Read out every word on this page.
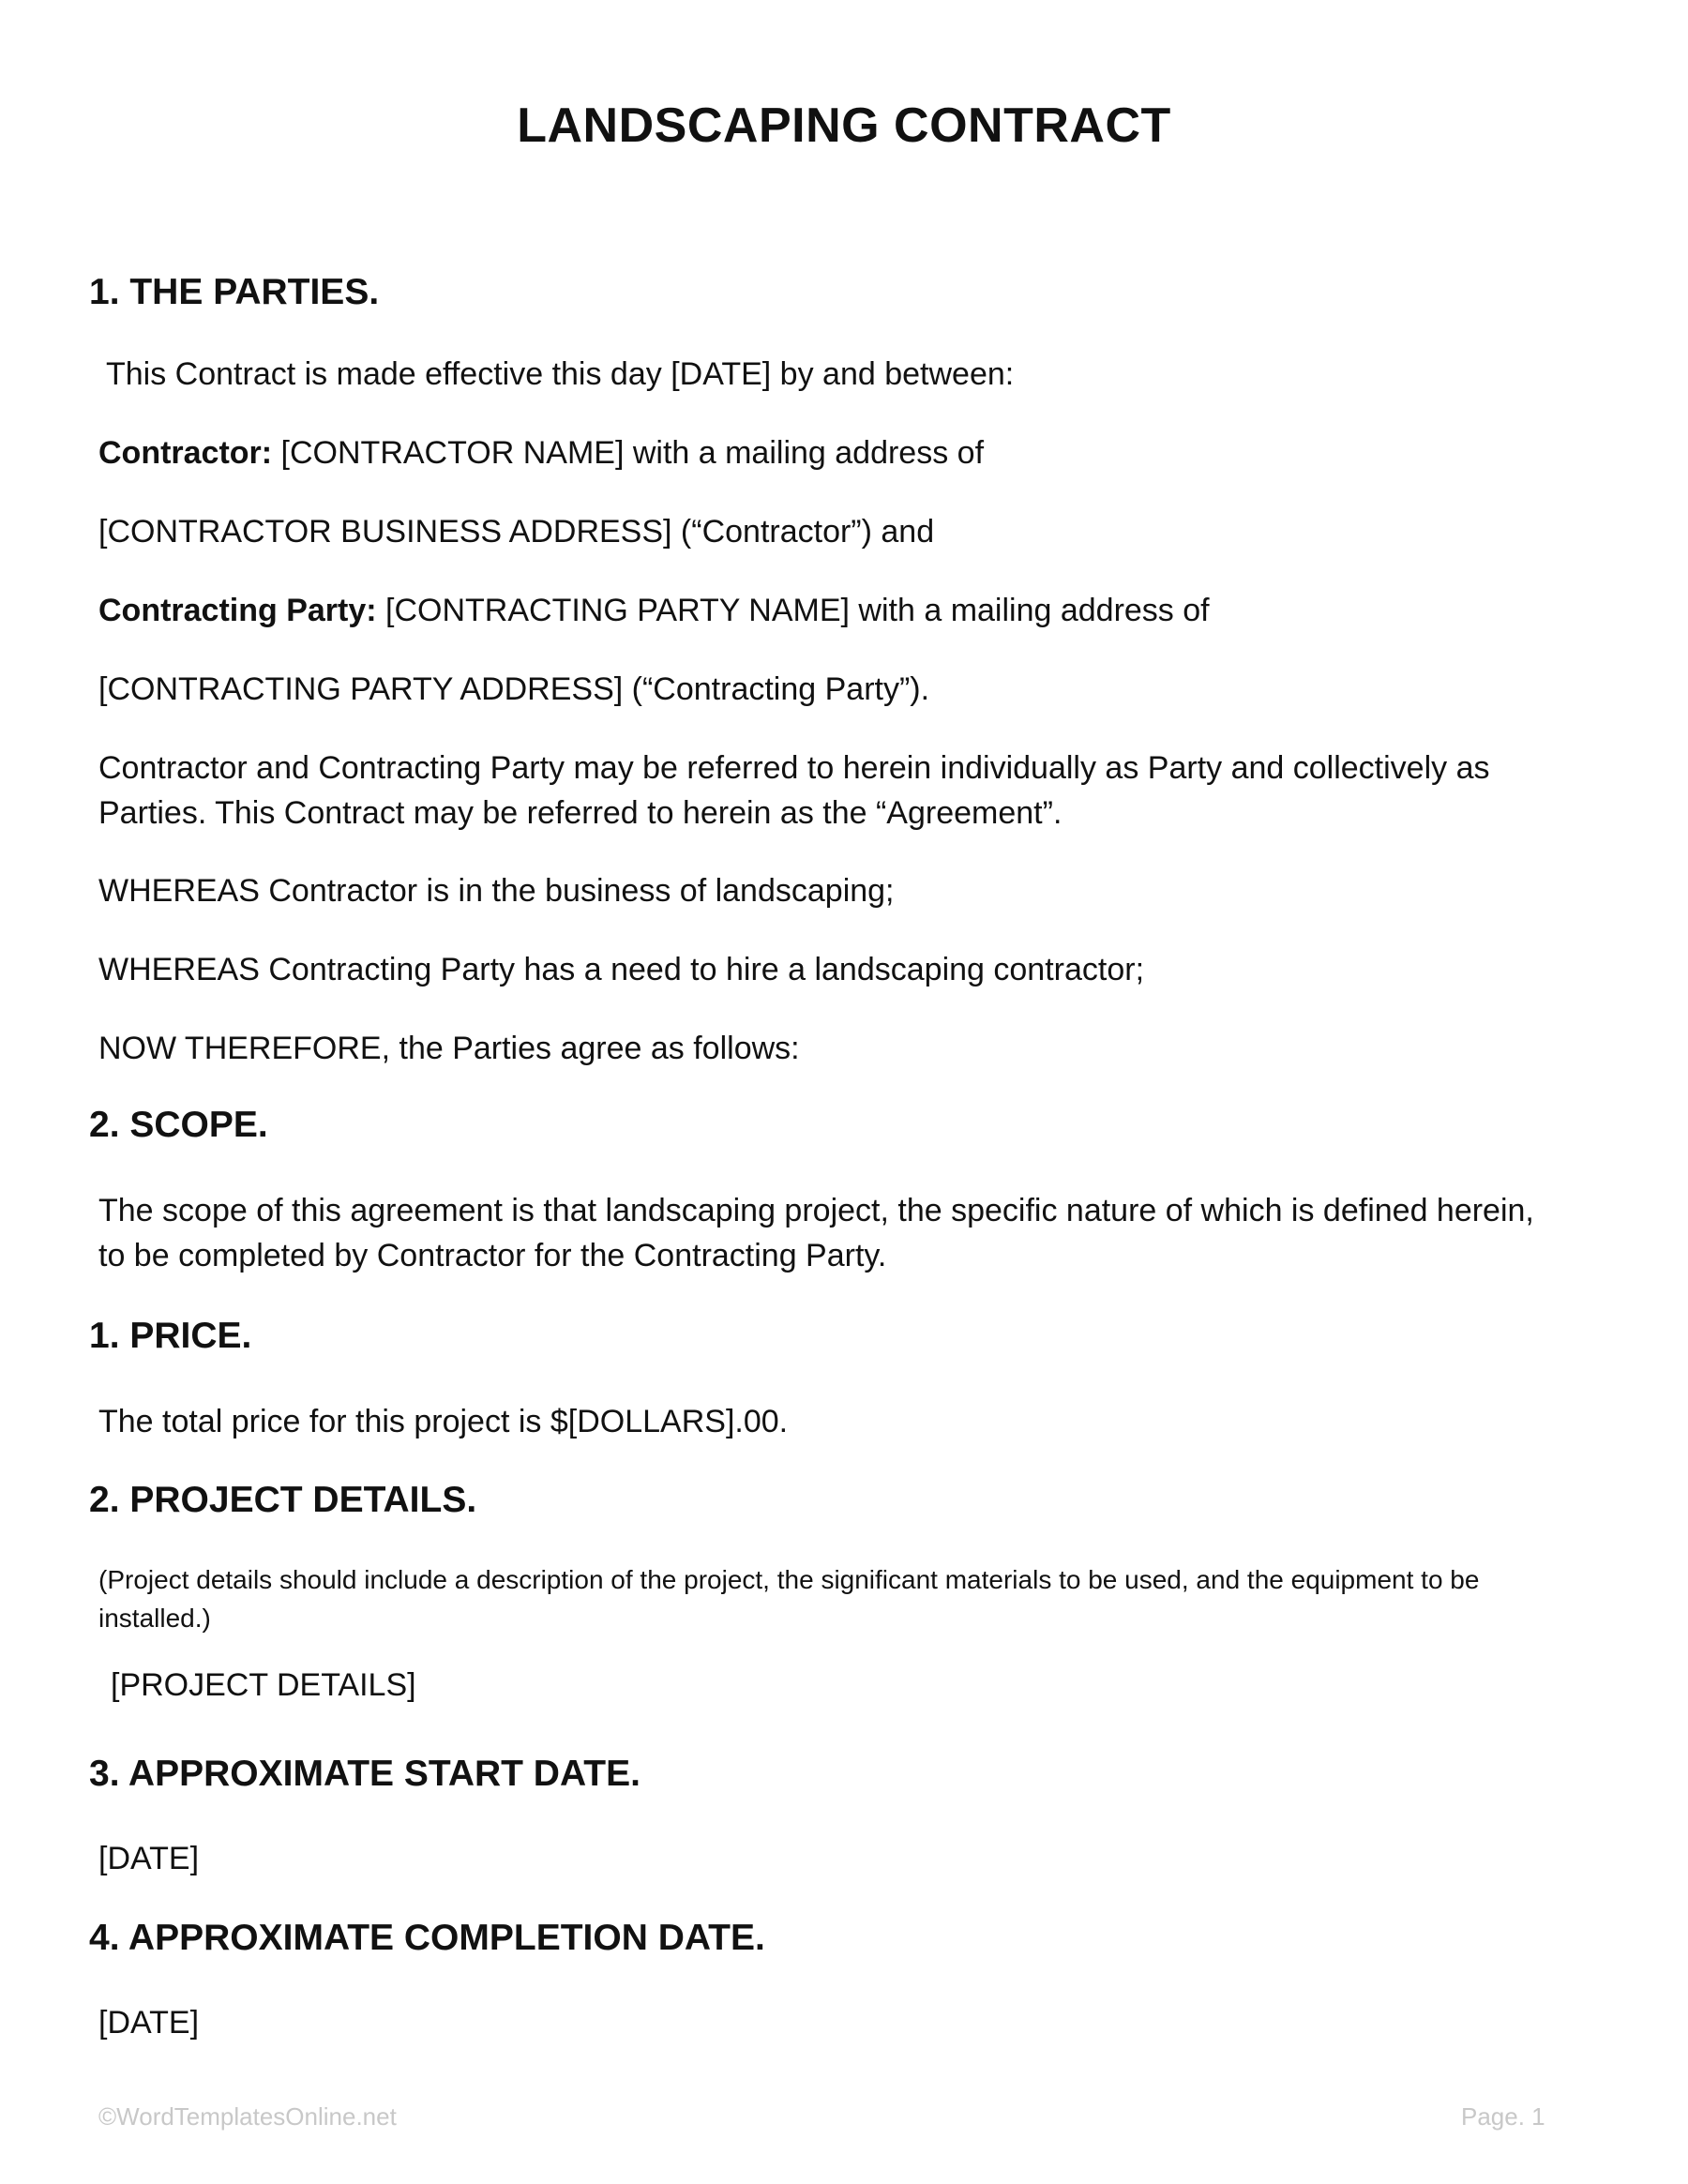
LANDSCAPING CONTRACT
1. THE PARTIES.

This Contract is made effective this day [DATE] by and between:

Contractor: [CONTRACTOR NAME] with a mailing address of

[CONTRACTOR BUSINESS ADDRESS] (“Contractor”) and

Contracting Party: [CONTRACTING PARTY NAME] with a mailing address of

[CONTRACTING PARTY ADDRESS] (“Contracting Party”).

Contractor and Contracting Party may be referred to herein individually as Party and collectively as Parties. This Contract may be referred to herein as the “Agreement”.

WHEREAS Contractor is in the business of landscaping;

WHEREAS Contracting Party has a need to hire a landscaping contractor;

NOW THEREFORE, the Parties agree as follows:

2. SCOPE.

The scope of this agreement is that landscaping project, the specific nature of which is defined herein, to be completed by Contractor for the Contracting Party.

1. PRICE.

The total price for this project is $[DOLLARS].00.

2. PROJECT DETAILS.

(Project details should include a description of the project, the significant materials to be used, and the equipment to be installed.)

[PROJECT DETAILS]

3. APPROXIMATE START DATE.

[DATE]

4. APPROXIMATE COMPLETION DATE.

[DATE]

©WordTemplatesOnline.net	Page. 1
